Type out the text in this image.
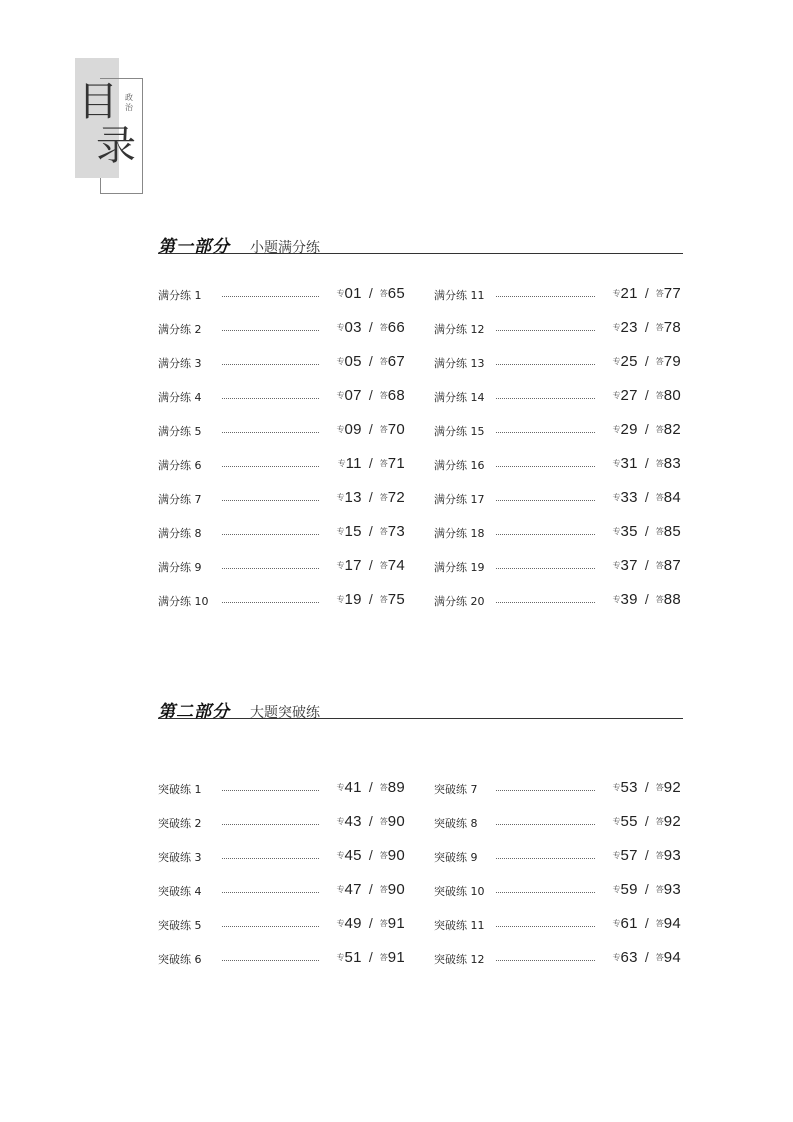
目
录
政治
第一部分 小题满分练
满分练 1	专01 / 答65
满分练 2	专03 / 答66
满分练 3	专05 / 答67
满分练 4	专07 / 答68
满分练 5	专09 / 答70
满分练 6	专11 / 答71
满分练 7	专13 / 答72
满分练 8	专15 / 答73
满分练 9	专17 / 答74
满分练 10	专19 / 答75
满分练 11	专21 / 答77
满分练 12	专23 / 答78
满分练 13	专25 / 答79
满分练 14	专27 / 答80
满分练 15	专29 / 答82
满分练 16	专31 / 答83
满分练 17	专33 / 答84
满分练 18	专35 / 答85
满分练 19	专37 / 答87
满分练 20	专39 / 答88
第二部分 大题突破练
突破练 1	专41 / 答89
突破练 2	专43 / 答90
突破练 3	专45 / 答90
突破练 4	专47 / 答90
突破练 5	专49 / 答91
突破练 6	专51 / 答91
突破练 7	专53 / 答92
突破练 8	专55 / 答92
突破练 9	专57 / 答93
突破练 10	专59 / 答93
突破练 11	专61 / 答94
突破练 12	专63 / 答94
